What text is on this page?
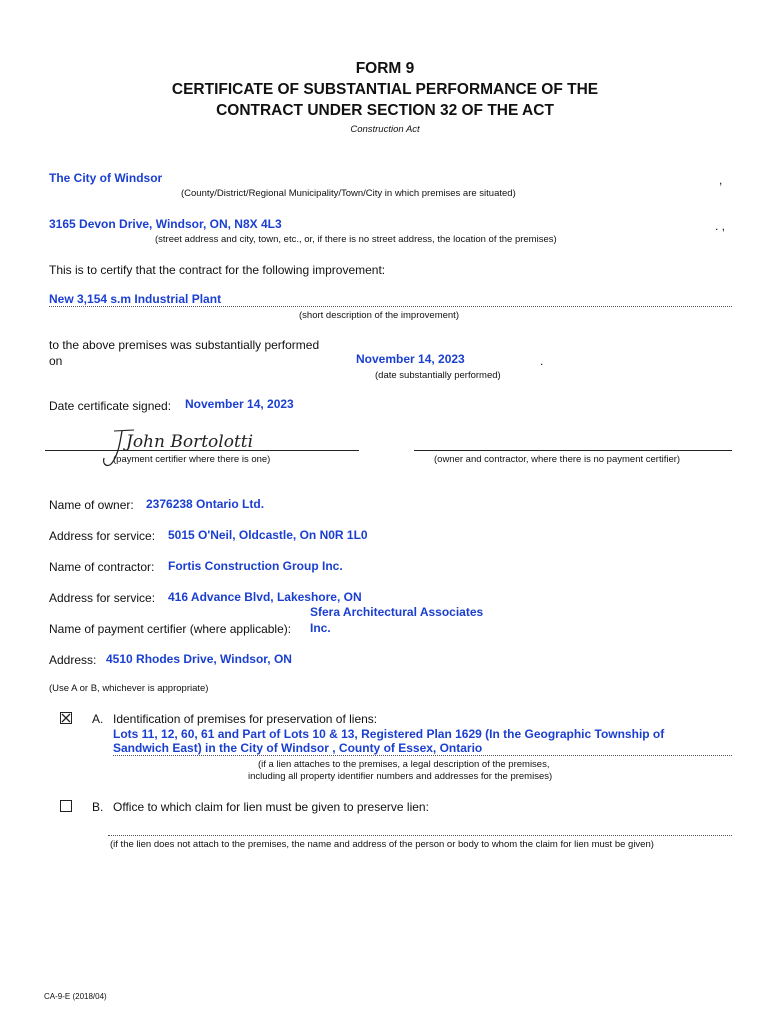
FORM 9
CERTIFICATE OF SUBSTANTIAL PERFORMANCE OF THE
CONTRACT UNDER SECTION 32 OF THE ACT
Construction Act
The City of Windsor	,
(County/District/Regional Municipality/Town/City in which premises are situated)
3165 Devon Drive, Windsor, ON, N8X 4L3	. ,
(street address and city, town, etc., or, if there is no street address, the location of the premises)
This is to certify that the contract for the following improvement:
New 3,154 s.m Industrial Plant
(short description of the improvement)
to the above premises was substantially performed
on	November 14, 2023	.
(date substantially performed)
Date certificate signed: November 14, 2023
John Bortolotti
(payment certifier where there is one)	(owner and contractor, where there is no payment certifier)
Name of owner: 2376238 Ontario Ltd.
Address for service: 5015 O'Neil, Oldcastle, On N0R 1L0
Name of contractor: Fortis Construction Group Inc.
Address for service: 416 Advance Blvd, Lakeshore, ON
Sfera Architectural Associates
Name of payment certifier (where applicable): Inc.
Address: 4510 Rhodes Drive, Windsor, ON
(Use A or B, whichever is appropriate)
A. Identification of premises for preservation of liens:
Lots 11, 12, 60, 61 and Part of Lots 10 & 13, Registered Plan 1629 (In the Geographic Township of
Sandwich East) in the City of Windsor , County of Essex, Ontario
(if a lien attaches to the premises, a legal description of the premises,
including all property identifier numbers and addresses for the premises)
B. Office to which claim for lien must be given to preserve lien:
(if the lien does not attach to the premises, the name and address of the person or body to whom the claim for lien must be given)
CA-9-E (2018/04)
